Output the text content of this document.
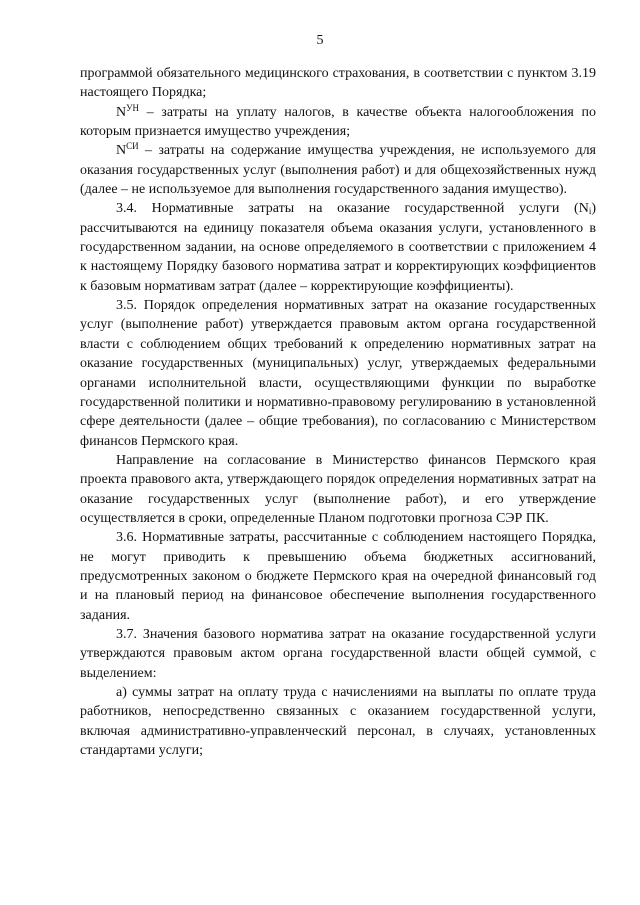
5

программой обязательного медицинского страхования, в соответствии с пунктом 3.19 настоящего Порядка;

$N^{УН}$ – затраты на уплату налогов, в качестве объекта налогообложения по которым признается имущество учреждения;

$N^{СИ}$ – затраты на содержание имущества учреждения, не используемого для оказания государственных услуг (выполнения работ) и для общехозяйственных нужд (далее – не используемое для выполнения государственного задания имущество).

3.4. Нормативные затраты на оказание государственной услуги $(N_i)$ рассчитываются на единицу показателя объема оказания услуги, установленного в государственном задании, на основе определяемого в соответствии с приложением 4 к настоящему Порядку базового норматива затрат и корректирующих коэффициентов к базовым нормативам затрат (далее – корректирующие коэффициенты).

3.5. Порядок определения нормативных затрат на оказание государственных услуг (выполнение работ) утверждается правовым актом органа государственной власти с соблюдением общих требований к определению нормативных затрат на оказание государственных (муниципальных) услуг, утверждаемых федеральными органами исполнительной власти, осуществляющими функции по выработке государственной политики и нормативно-правовому регулированию в установленной сфере деятельности (далее – общие требования), по согласованию с Министерством финансов Пермского края.

Направление на согласование в Министерство финансов Пермского края проекта правового акта, утверждающего порядок определения нормативных затрат на оказание государственных услуг (выполнение работ), и его утверждение осуществляется в сроки, определенные Планом подготовки прогноза СЭР ПК.

3.6. Нормативные затраты, рассчитанные с соблюдением настоящего Порядка, не могут приводить к превышению объема бюджетных ассигнований, предусмотренных законом о бюджете Пермского края на очередной финансовый год и на плановый период на финансовое обеспечение выполнения государственного задания.

3.7. Значения базового норматива затрат на оказание государственной услуги утверждаются правовым актом органа государственной власти общей суммой, с выделением:

а) суммы затрат на оплату труда с начислениями на выплаты по оплате труда работников, непосредственно связанных с оказанием государственной услуги, включая административно-управленческий персонал, в случаях, установленных стандартами услуги;
